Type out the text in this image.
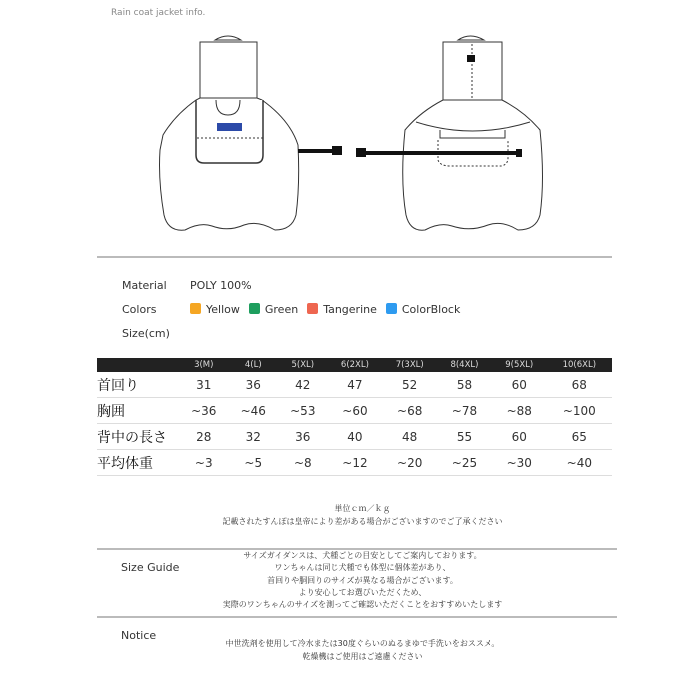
Rain coat jacket info.
Material POLY 100%
Colors	Yellow	Green	Tangerine	ColorBlock
Size(cm)
	3(M)	4(L)	5(XL)	6(2XL)	7(3XL)	8(4XL)	9(5XL)	10(6XL)
首回り	31	36	42	47	52	58	60	68
胸囲	~36	~46	~53	~60	~68	~78	~88	~100
背中の長さ	28	32	36	40	48	55	60	65
平均体重	~3	~5	~8	~12	~20	~25	~30	~40
単位ｃｍ／ｋｇ
記載されたすんぽは皇帝により差がある場合がございますのでご了承ください
Size Guide
サイズガイダンスは、犬種ごとの目安としてご案内しております。
ワンちゃんは同じ犬種でも体型に個体差があり、
首回りや胴回りのサイズが異なる場合がございます。
より安心してお選びいただくため、
実際のワンちゃんのサイズを測ってご確認いただくことをおすすめいたします
Notice
中世洗剤を使用して冷水または30度ぐらいのぬるまゆで手洗いをおススメ。
乾燥機はご使用はご遠慮ください
